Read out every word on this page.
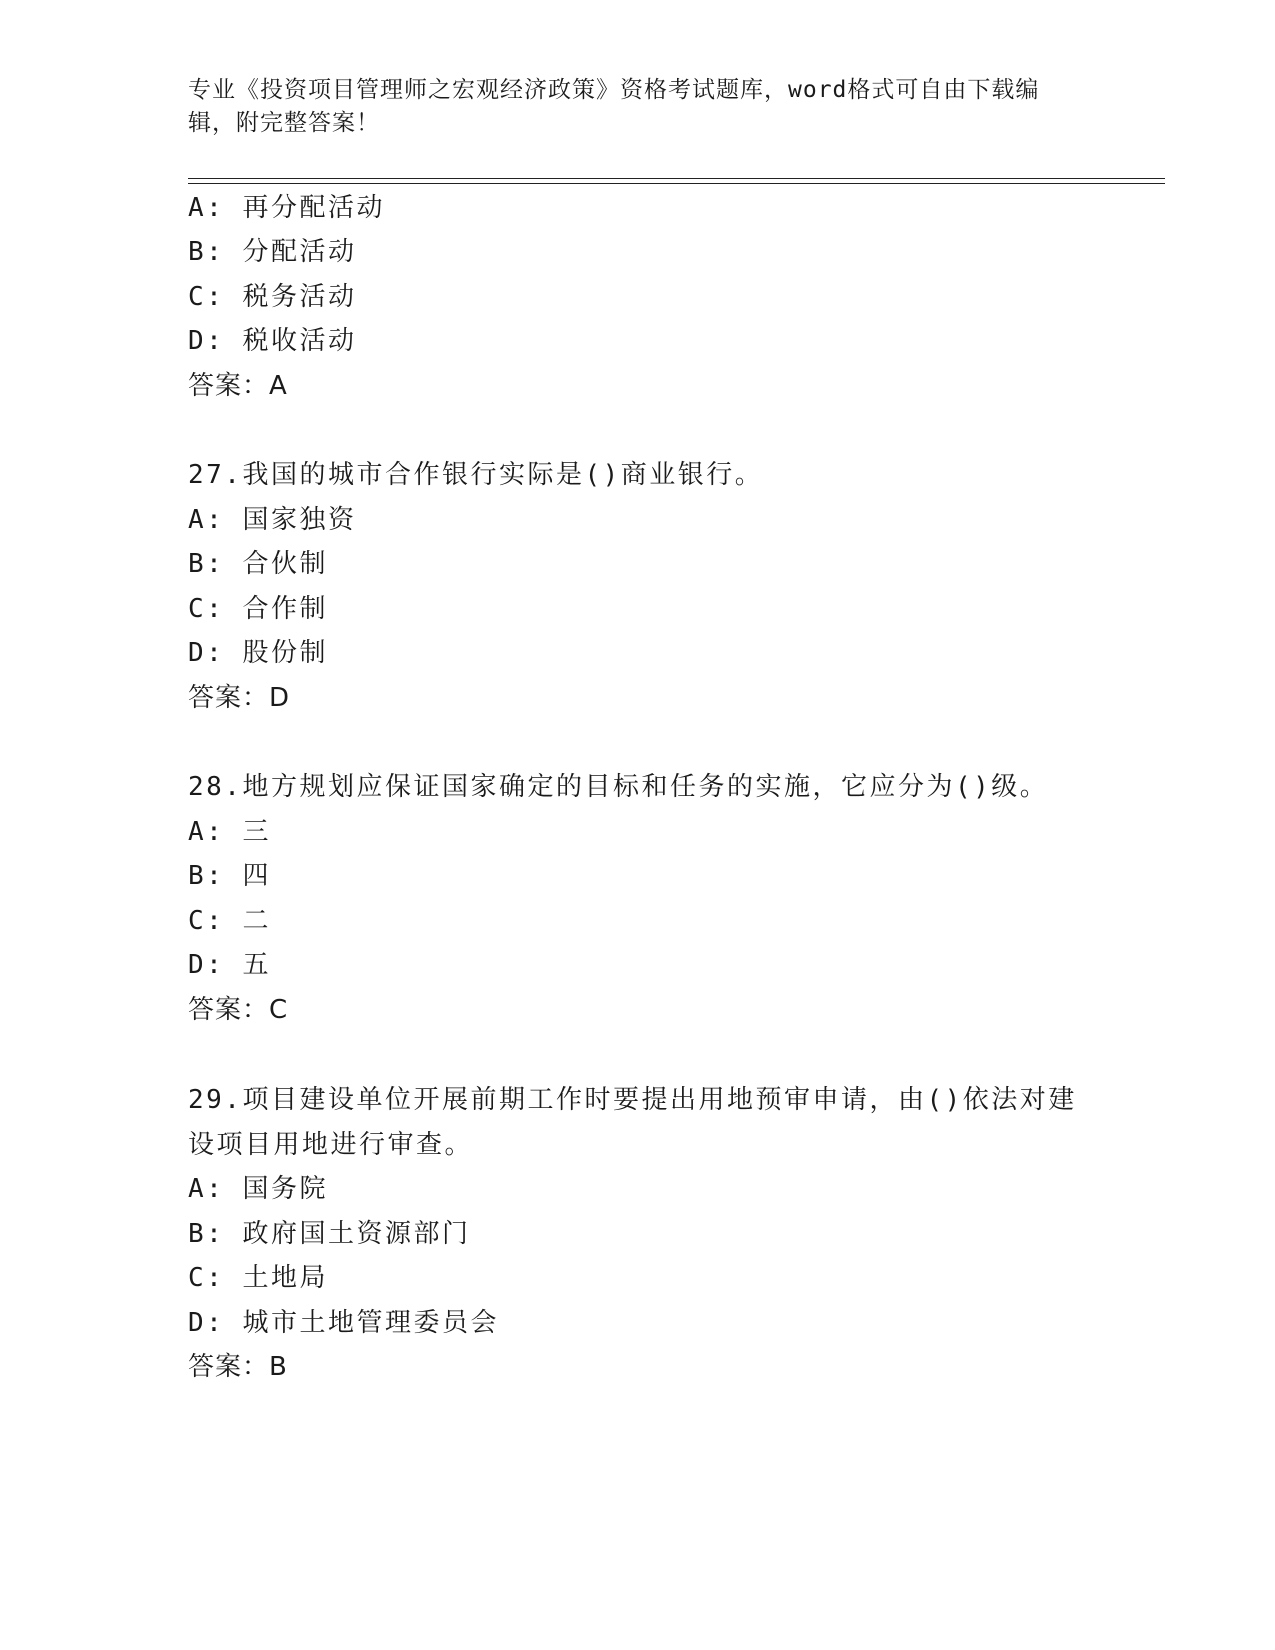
专业《投资项目管理师之宏观经济政策》资格考试题库，word格式可自由下载编辑，附完整答案！
A: 再分配活动
B: 分配活动
C: 税务活动
D: 税收活动
答案：A
27.我国的城市合作银行实际是()商业银行。
A: 国家独资
B: 合伙制
C: 合作制
D: 股份制
答案：D
28.地方规划应保证国家确定的目标和任务的实施，它应分为()级。
A: 三
B: 四
C: 二
D: 五
答案：C
29.项目建设单位开展前期工作时要提出用地预审申请，由()依法对建设项目用地进行审查。
A: 国务院
B: 政府国土资源部门
C: 土地局
D: 城市土地管理委员会
答案：B
